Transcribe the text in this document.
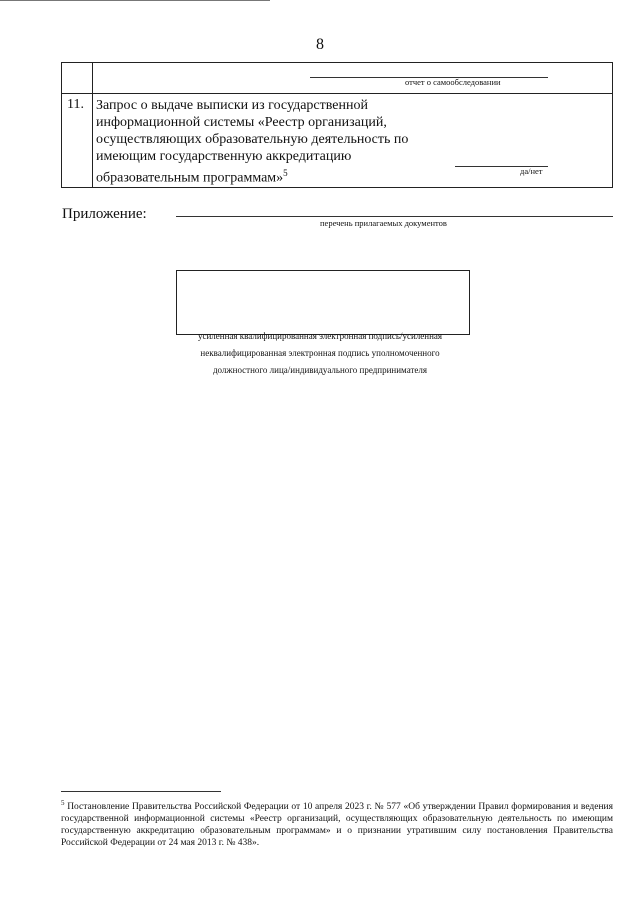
8

	отчет о самообследовании

11.	Запрос о выдаче выписки из государственной информационной системы «Реестр организаций, осуществляющих образовательную деятельность по имеющим государственную аккредитацию образовательным программам»$^5$ да/нет
Приложение:
перечень прилагаемых документов
усиленная квалифицированная электронная подпись/усиленная
неквалифицированная электронная подпись уполномоченного
должностного лица/индивидуального предпринимателя
$^5$ Постановление Правительства Российской Федерации от 10 апреля 2023 г. № 577 «Об утверждении Правил формирования и ведения государственной информационной системы «Реестр организаций, осуществляющих образовательную деятельность по имеющим государственную аккредитацию образовательным программам» и о признании утратившим силу постановления Правительства Российской Федерации от 24 мая 2013 г. № 438».
